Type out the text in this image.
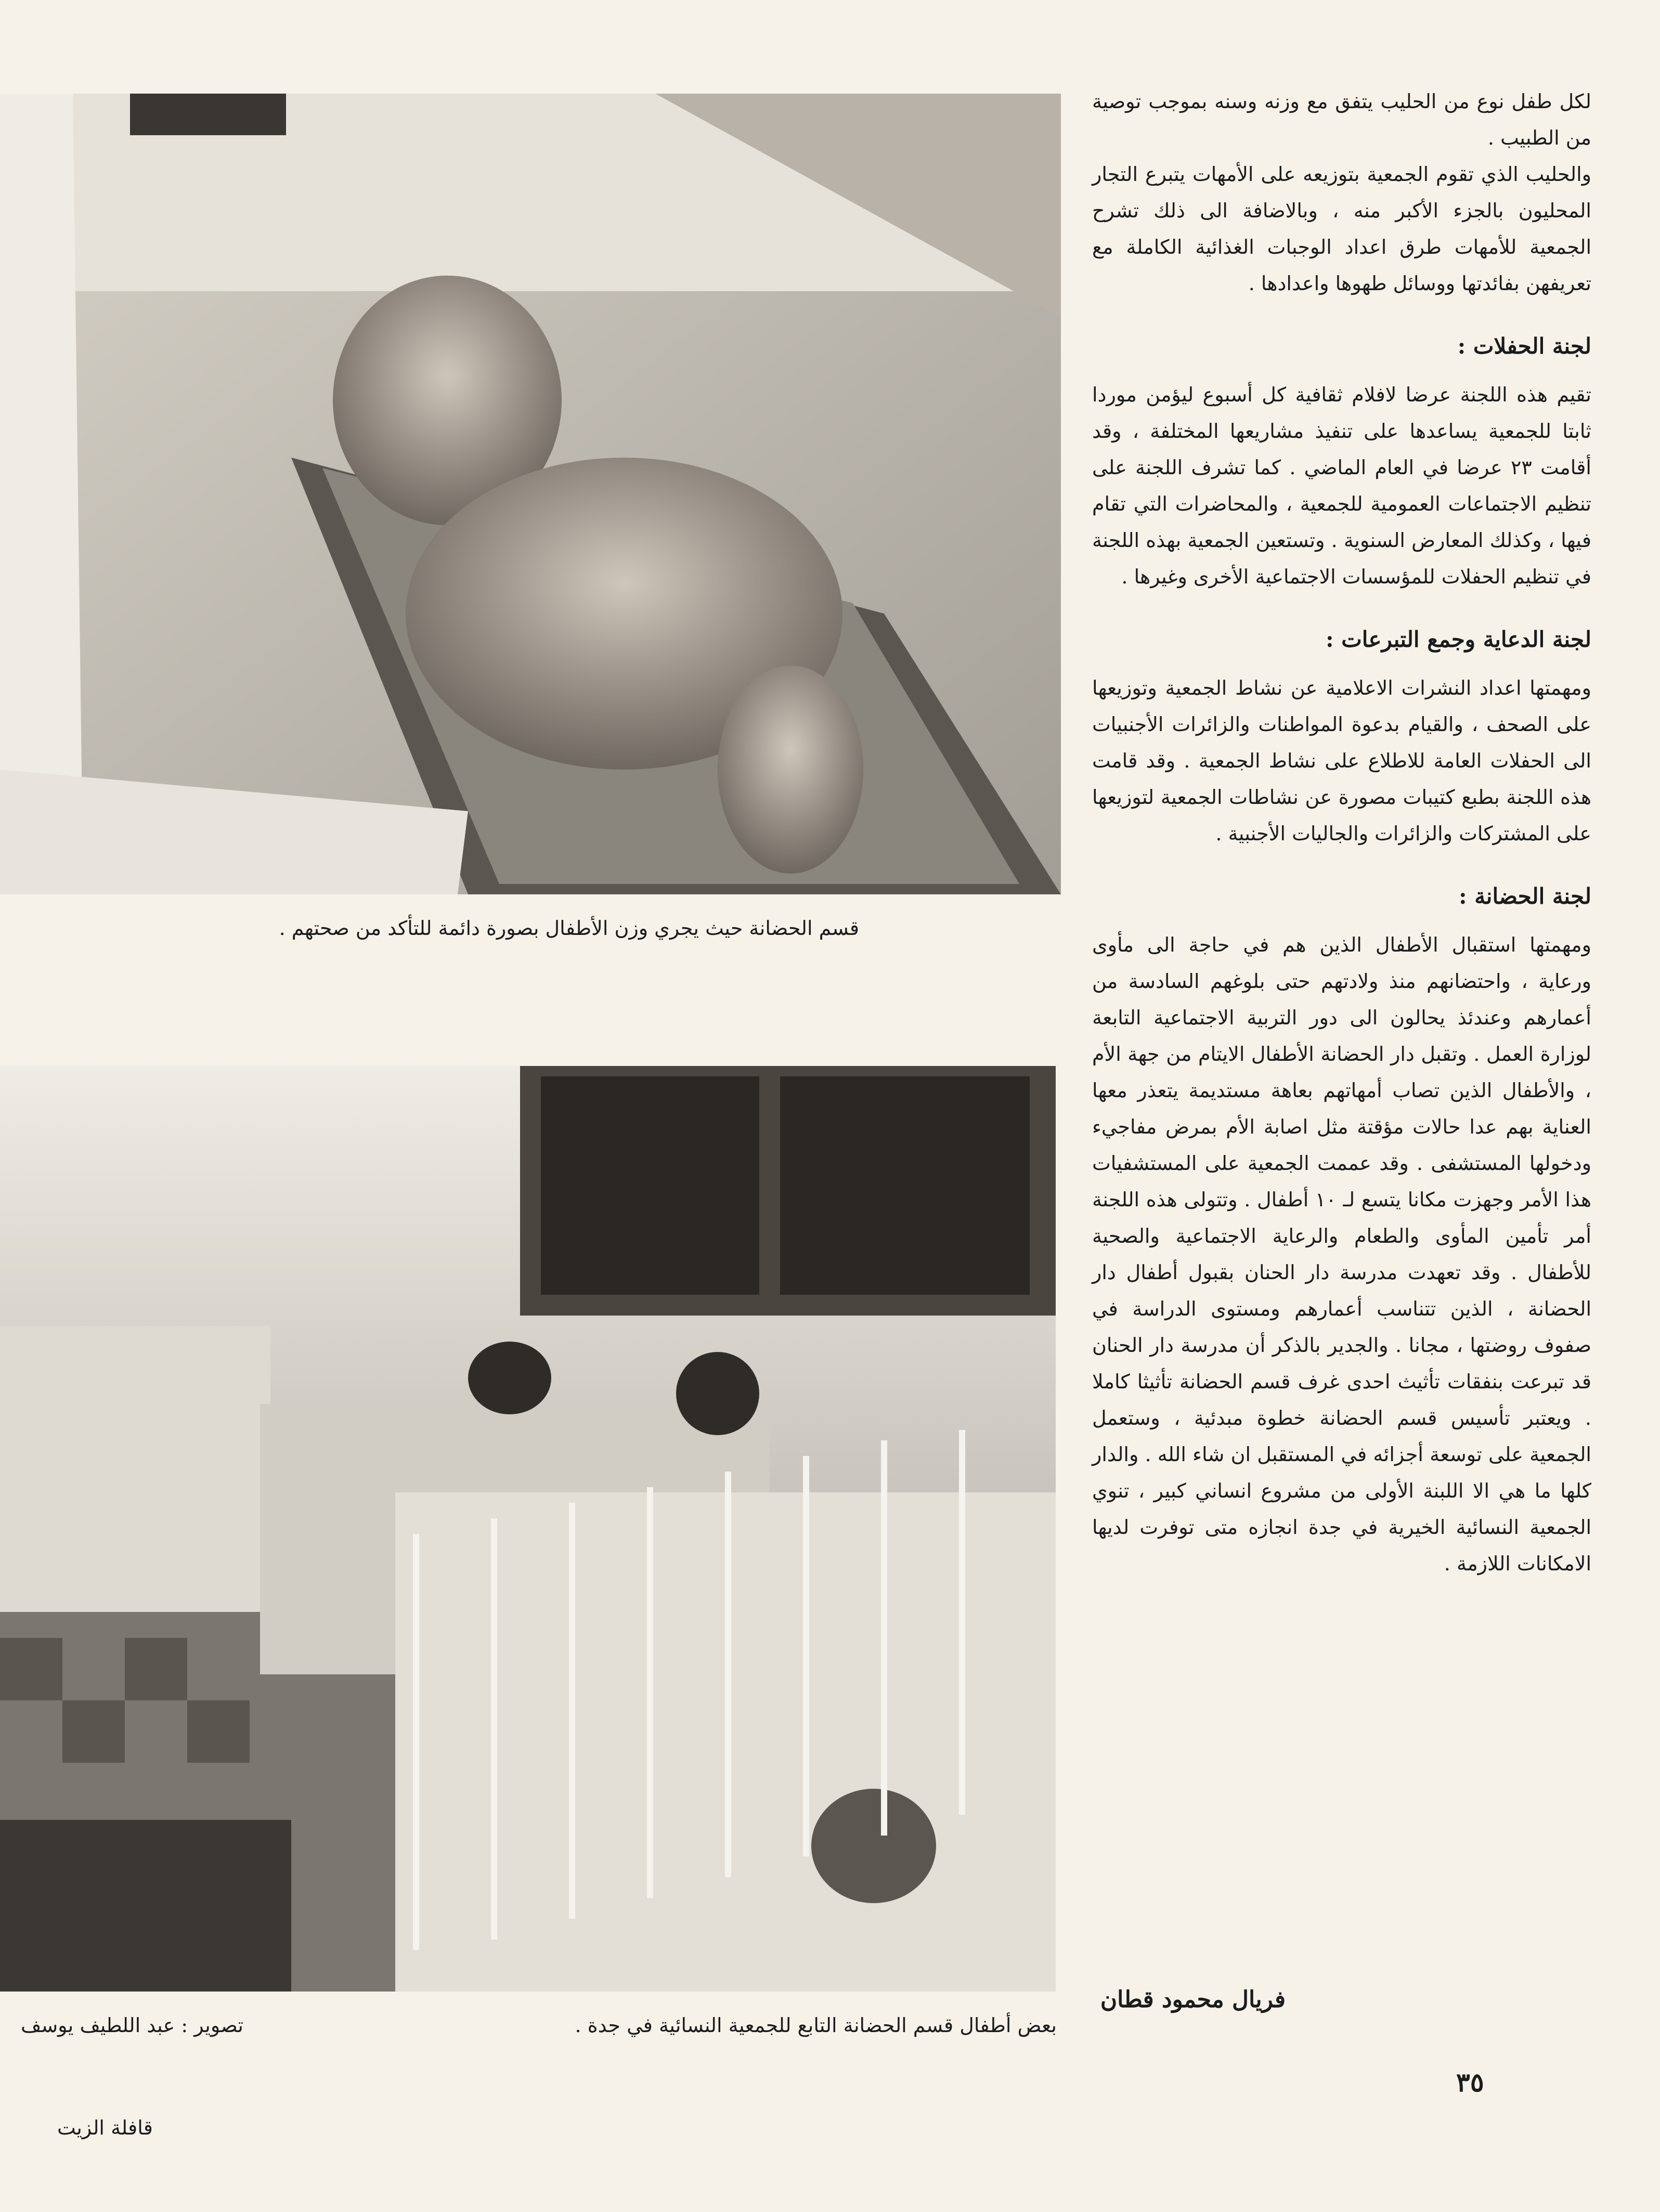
قسم الحضانة حيث يجري وزن الأطفال بصورة دائمة للتأكد من صحتهم .
بعض أطفال قسم الحضانة التابع للجمعية النسائية في جدة .
تصوير : عبد اللطيف يوسف

لكل طفل نوع من الحليب يتفق مع وزنه وسنه بموجب توصية من الطبيب .

والحليب الذي تقوم الجمعية بتوزيعه على الأمهات يتبرع التجار المحليون بالجزء الأكبر منه ، وبالاضافة الى ذلك تشرح الجمعية للأمهات طرق اعداد الوجبات الغذائية الكاملة مع تعريفهن بفائدتها ووسائل طهوها واعدادها .

لجنة الحفلات :

تقيم هذه اللجنة عرضا لافلام ثقافية كل أسبوع ليؤمن موردا ثابتا للجمعية يساعدها على تنفيذ مشاريعها المختلفة ، وقد أقامت ٢٣ عرضا في العام الماضي . كما تشرف اللجنة على تنظيم الاجتماعات العمومية للجمعية ، والمحاضرات التي تقام فيها ، وكذلك المعارض السنوية . وتستعين الجمعية بهذه اللجنة في تنظيم الحفلات للمؤسسات الاجتماعية الأخرى وغيرها .

لجنة الدعاية وجمع التبرعات :

ومهمتها اعداد النشرات الاعلامية عن نشاط الجمعية وتوزيعها على الصحف ، والقيام بدعوة المواطنات والزائرات الأجنبيات الى الحفلات العامة للاطلاع على نشاط الجمعية . وقد قامت هذه اللجنة بطبع كتيبات مصورة عن نشاطات الجمعية لتوزيعها على المشتركات والزائرات والجاليات الأجنبية .

لجنة الحضانة :

ومهمتها استقبال الأطفال الذين هم في حاجة الى مأوى ورعاية ، واحتضانهم منذ ولادتهم حتى بلوغهم السادسة من أعمارهم وعندئذ يحالون الى دور التربية الاجتماعية التابعة لوزارة العمل . وتقبل دار الحضانة الأطفال الايتام من جهة الأم ، والأطفال الذين تصاب أمهاتهم بعاهة مستديمة يتعذر معها العناية بهم عدا حالات مؤقتة مثل اصابة الأم بمرض مفاجيء ودخولها المستشفى . وقد عممت الجمعية على المستشفيات هذا الأمر وجهزت مكانا يتسع لـ ١٠ أطفال . وتتولى هذه اللجنة أمر تأمين المأوى والطعام والرعاية الاجتماعية والصحية للأطفال . وقد تعهدت مدرسة دار الحنان بقبول أطفال دار الحضانة ، الذين تتناسب أعمارهم ومستوى الدراسة في صفوف روضتها ، مجانا . والجدير بالذكر أن مدرسة دار الحنان قد تبرعت بنفقات تأثيث احدى غرف قسم الحضانة تأثيثا كاملا . ويعتبر تأسيس قسم الحضانة خطوة مبدئية ، وستعمل الجمعية على توسعة أجزائه في المستقبل ان شاء الله . والدار كلها ما هي الا اللبنة الأولى من مشروع انساني كبير ، تنوي الجمعية النسائية الخيرية في جدة انجازه متى توفرت لديها الامكانات اللازمة .

فريال محمود قطان
٣٥
قافلة الزيت
